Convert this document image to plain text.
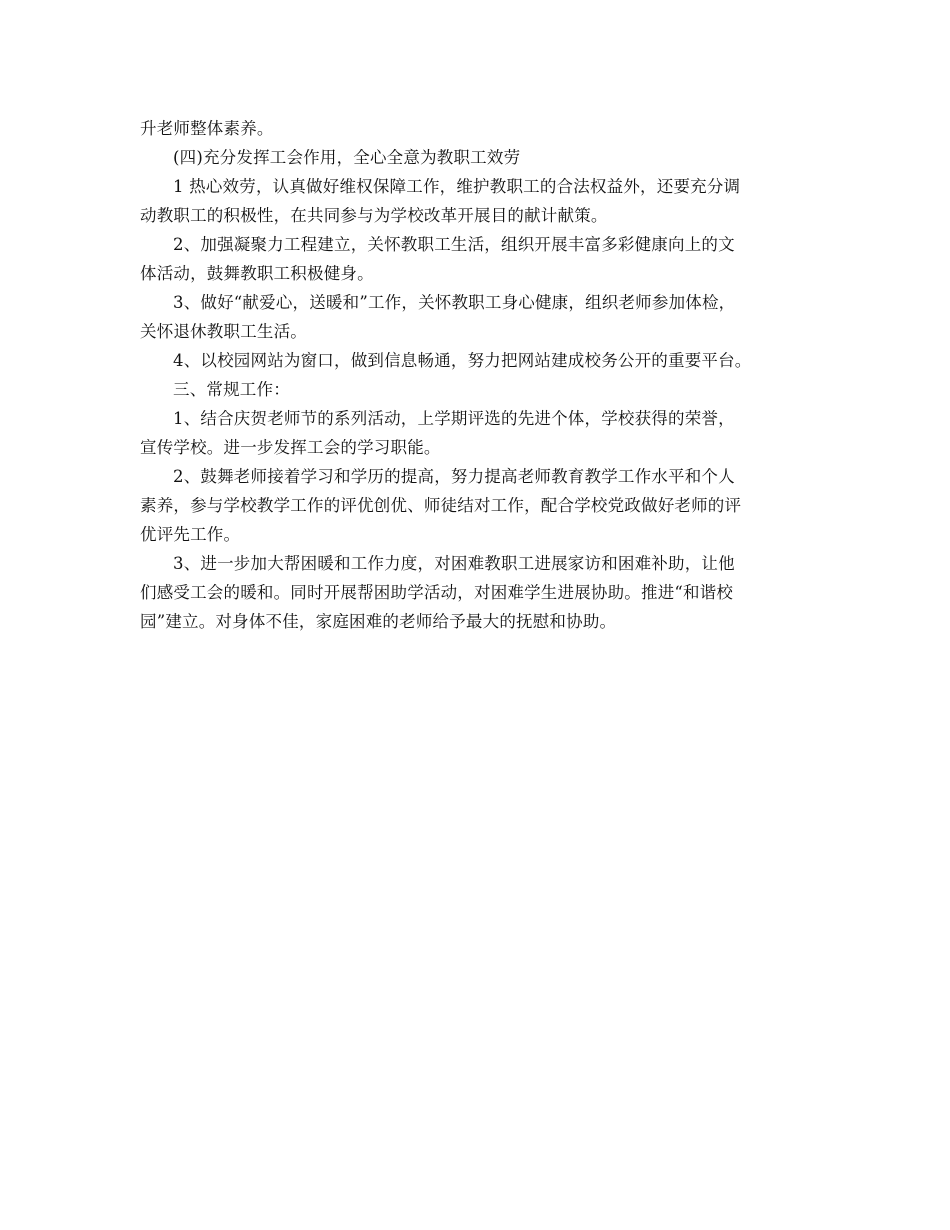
升老师整体素养。
(四)充分发挥工会作用，全心全意为教职工效劳
1 热心效劳，认真做好维权保障工作，维护教职工的合法权益外，还要充分调
动教职工的积极性，在共同参与为学校改革开展目的献计献策。
2、加强凝聚力工程建立，关怀教职工生活，组织开展丰富多彩健康向上的文
体活动，鼓舞教职工积极健身。
3、做好“献爱心，送暖和”工作，关怀教职工身心健康，组织老师参加体检，
关怀退休教职工生活。
4、以校园网站为窗口，做到信息畅通，努力把网站建成校务公开的重要平台。
三、常规工作：
1、结合庆贺老师节的系列活动，上学期评选的先进个体，学校获得的荣誉，
宣传学校。进一步发挥工会的学习职能。
2、鼓舞老师接着学习和学历的提高，努力提高老师教育教学工作水平和个人
素养，参与学校教学工作的评优创优、师徒结对工作，配合学校党政做好老师的评
优评先工作。
3、进一步加大帮困暖和工作力度，对困难教职工进展家访和困难补助，让他
们感受工会的暖和。同时开展帮困助学活动，对困难学生进展协助。推进“和谐校
园”建立。对身体不佳，家庭困难的老师给予最大的抚慰和协助。
